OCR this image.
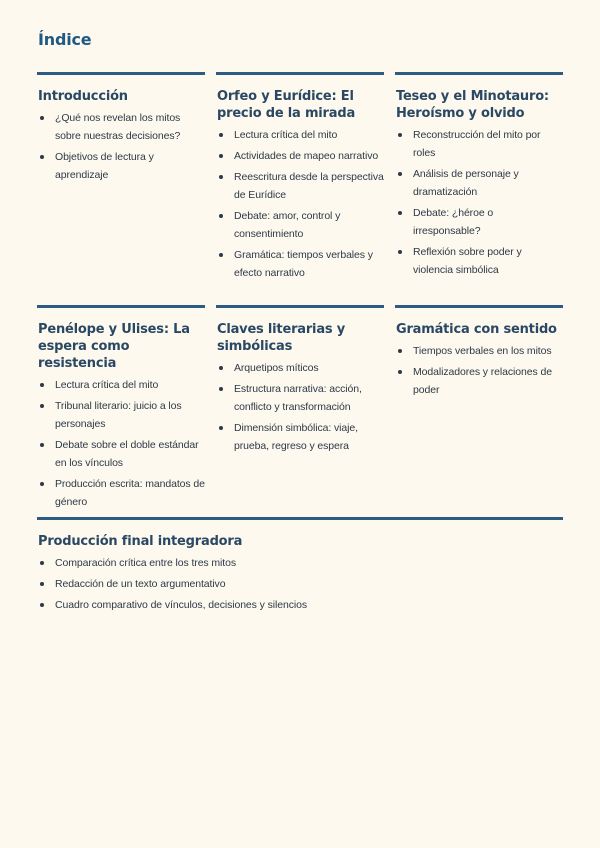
Índice
Introducción
¿Qué nos revelan los mitos sobre nuestras decisiones?
Objetivos de lectura y aprendizaje
Orfeo y Eurídice: El precio de la mirada
Lectura crítica del mito
Actividades de mapeo narrativo
Reescritura desde la perspectiva de Eurídice
Debate: amor, control y consentimiento
Gramática: tiempos verbales y efecto narrativo
Teseo y el Minotauro: Heroísmo y olvido
Reconstrucción del mito por roles
Análisis de personaje y dramatización
Debate: ¿héroe o irresponsable?
Reflexión sobre poder y violencia simbólica
Penélope y Ulises: La espera como resistencia
Lectura crítica del mito
Tribunal literario: juicio a los personajes
Debate sobre el doble estándar en los vínculos
Producción escrita: mandatos de género
Claves literarias y simbólicas
Arquetipos míticos
Estructura narrativa: acción, conflicto y transformación
Dimensión simbólica: viaje, prueba, regreso y espera
Gramática con sentido
Tiempos verbales en los mitos
Modalizadores y relaciones de poder
Producción final integradora
Comparación crítica entre los tres mitos
Redacción de un texto argumentativo
Cuadro comparativo de vínculos, decisiones y silencios
